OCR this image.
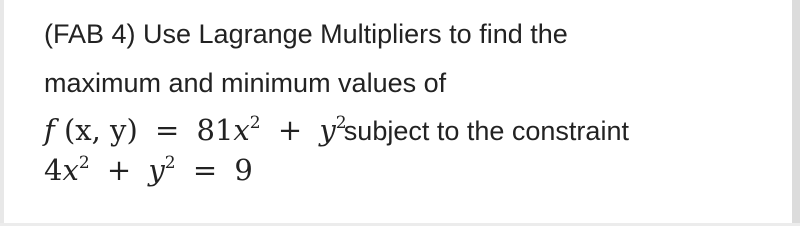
(FAB 4) Use Lagrange Multipliers to find the
maximum and minimum values of
f (x, $y) = 81x^2 + y^2$ subject to the constraint
$4x^2 + y^2 = 9$
